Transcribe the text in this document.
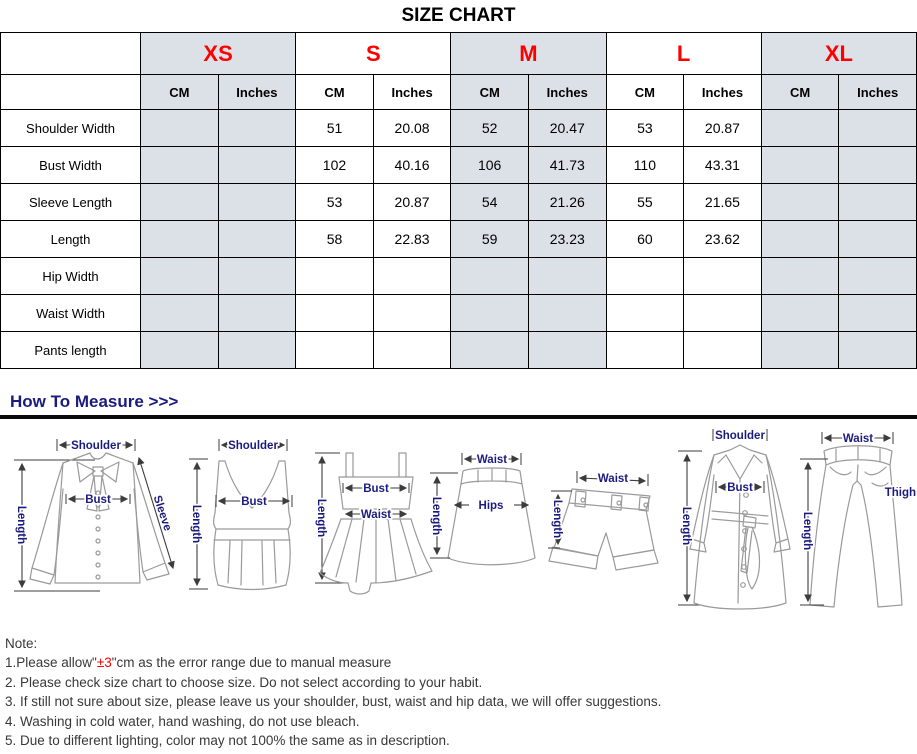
SIZE CHART
	XS		S		M		L		XL	
	CM	Inches	CM	Inches	CM	Inches	CM	Inches	CM	Inches
Shoulder Width			51	20.08	52	20.47	53	20.87		
Bust Width			102	40.16	106	41.73	110	43.31		
Sleeve Length			53	20.87	54	21.26	55	21.65		
Length			58	22.83	59	23.23	60	23.62		
Hip Width										
Waist Width										
Pants length										
How To Measure >>>
Shoulder
Length
Bust	Sleeve
Shoulder
Length
Bust	Length
Bust
Waist
Waist
Hips
Length
Waist
Length
Shoulder
Bust
Length
Waist
Thigh
Length
Note:
1.Please allow"±3"cm as the error range due to manual measure
2. Please check size chart to choose size. Do not select according to your habit.
3. If still not sure about size, please leave us your shoulder, bust, waist and hip data, we will offer suggestions.
4. Washing in cold water, hand washing, do not use bleach.
5. Due to different lighting, color may not 100% the same as in description.
